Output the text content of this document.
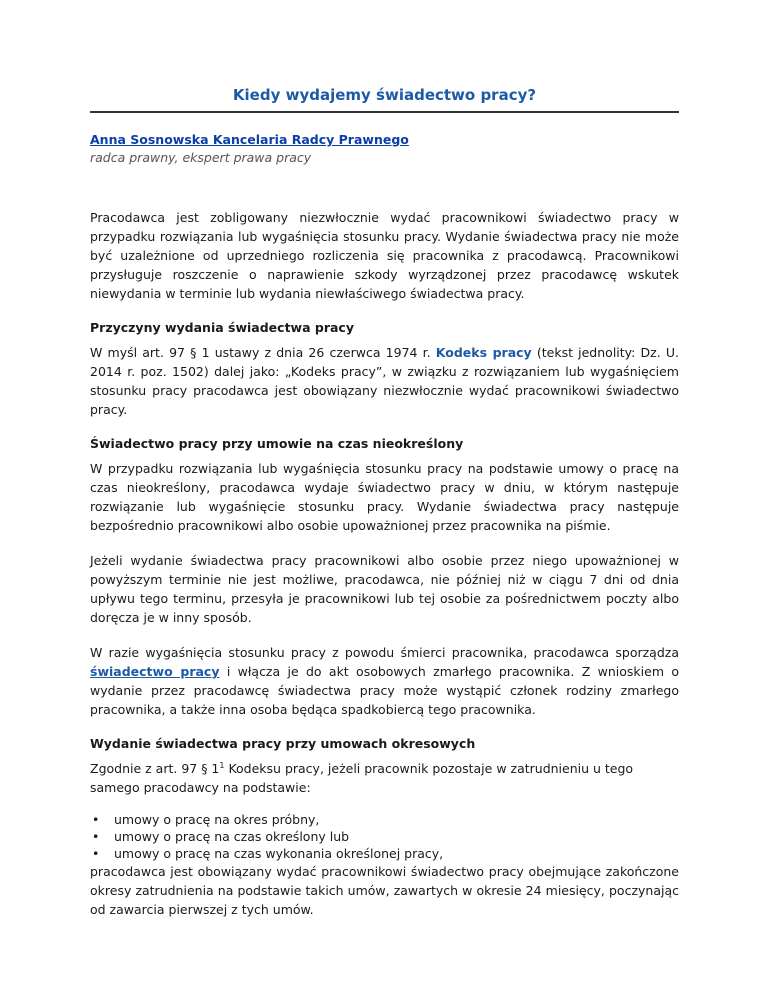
Kiedy wydajemy świadectwo pracy?
Anna Sosnowska Kancelaria Radcy Prawnego
radca prawny, ekspert prawa pracy

Pracodawca jest zobligowany niezwłocznie wydać pracownikowi świadectwo pracy w przypadku rozwiązania lub wygaśnięcia stosunku pracy. Wydanie świadectwa pracy nie może być uzależnione od uprzedniego rozliczenia się pracownika z pracodawcą. Pracownikowi przysługuje roszczenie o naprawienie szkody wyrządzonej przez pracodawcę wskutek niewydania w terminie lub wydania niewłaściwego świadectwa pracy.

Przyczyny wydania świadectwa pracy

W myśl art. 97 § 1 ustawy z dnia 26 czerwca 1974 r. Kodeks pracy (tekst jednolity: Dz. U. 2014 r. poz. 1502) dalej jako: „Kodeks pracy”, w związku z rozwiązaniem lub wygaśnięciem stosunku pracy pracodawca jest obowiązany niezwłocznie wydać pracownikowi świadectwo pracy.

Świadectwo pracy przy umowie na czas nieokreślony

W przypadku rozwiązania lub wygaśnięcia stosunku pracy na podstawie umowy o pracę na czas nieokreślony, pracodawca wydaje świadectwo pracy w dniu, w którym następuje rozwiązanie lub wygaśnięcie stosunku pracy. Wydanie świadectwa pracy następuje bezpośrednio pracownikowi albo osobie upoważnionej przez pracownika na piśmie.

Jeżeli wydanie świadectwa pracy pracownikowi albo osobie przez niego upoważnionej w powyższym terminie nie jest możliwe, pracodawca, nie później niż w ciągu 7 dni od dnia upływu tego terminu, przesyła je pracownikowi lub tej osobie za pośrednictwem poczty albo doręcza je w inny sposób.

W razie wygaśnięcia stosunku pracy z powodu śmierci pracownika, pracodawca sporządza świadectwo pracy i włącza je do akt osobowych zmarłego pracownika. Z wnioskiem o wydanie przez pracodawcę świadectwa pracy może wystąpić członek rodziny zmarłego pracownika, a także inna osoba będąca spadkobiercą tego pracownika.

Wydanie świadectwa pracy przy umowach okresowych

Zgodnie z art. 97 § $1^1$ Kodeksu pracy, jeżeli pracownik pozostaje w zatrudnieniu u tego samego pracodawcy na podstawie:

• umowy o pracę na okres próbny,
• umowy o pracę na czas określony lub
• umowy o pracę na czas wykonania określonej pracy,

pracodawca jest obowiązany wydać pracownikowi świadectwo pracy obejmujące zakończone okresy zatrudnienia na podstawie takich umów, zawartych w okresie 24 miesięcy, poczynając od zawarcia pierwszej z tych umów.
